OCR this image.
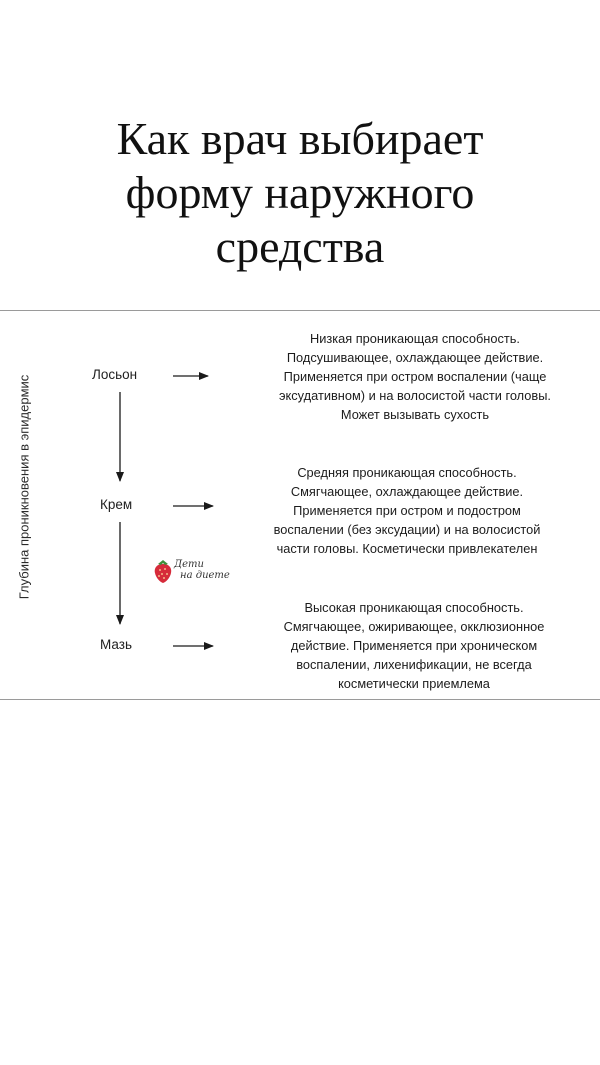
Как врач выбирает
форму наружного
средства
Глубина проникновения в эпидермис
Лосьон
Крем
Мазь
Низкая проникающая способность.
Подсушивающее, охлаждающее действие.
Применяется при остром воспалении (чаще
эксудативном) и на волосистой части головы.
Может вызывать сухость
Средняя проникающая способность.
Смягчающее, охлаждающее действие.
Применяется при остром и подостром
воспалении (без эксудации) и на волосистой
части головы. Косметически привлекателен
Высокая проникающая способность.
Смягчающее, ожиривающее, окклюзионное
действие. Применяется при хроническом
воспалении, лихенификации, не всегда
косметически приемлема
Дети
на диете
